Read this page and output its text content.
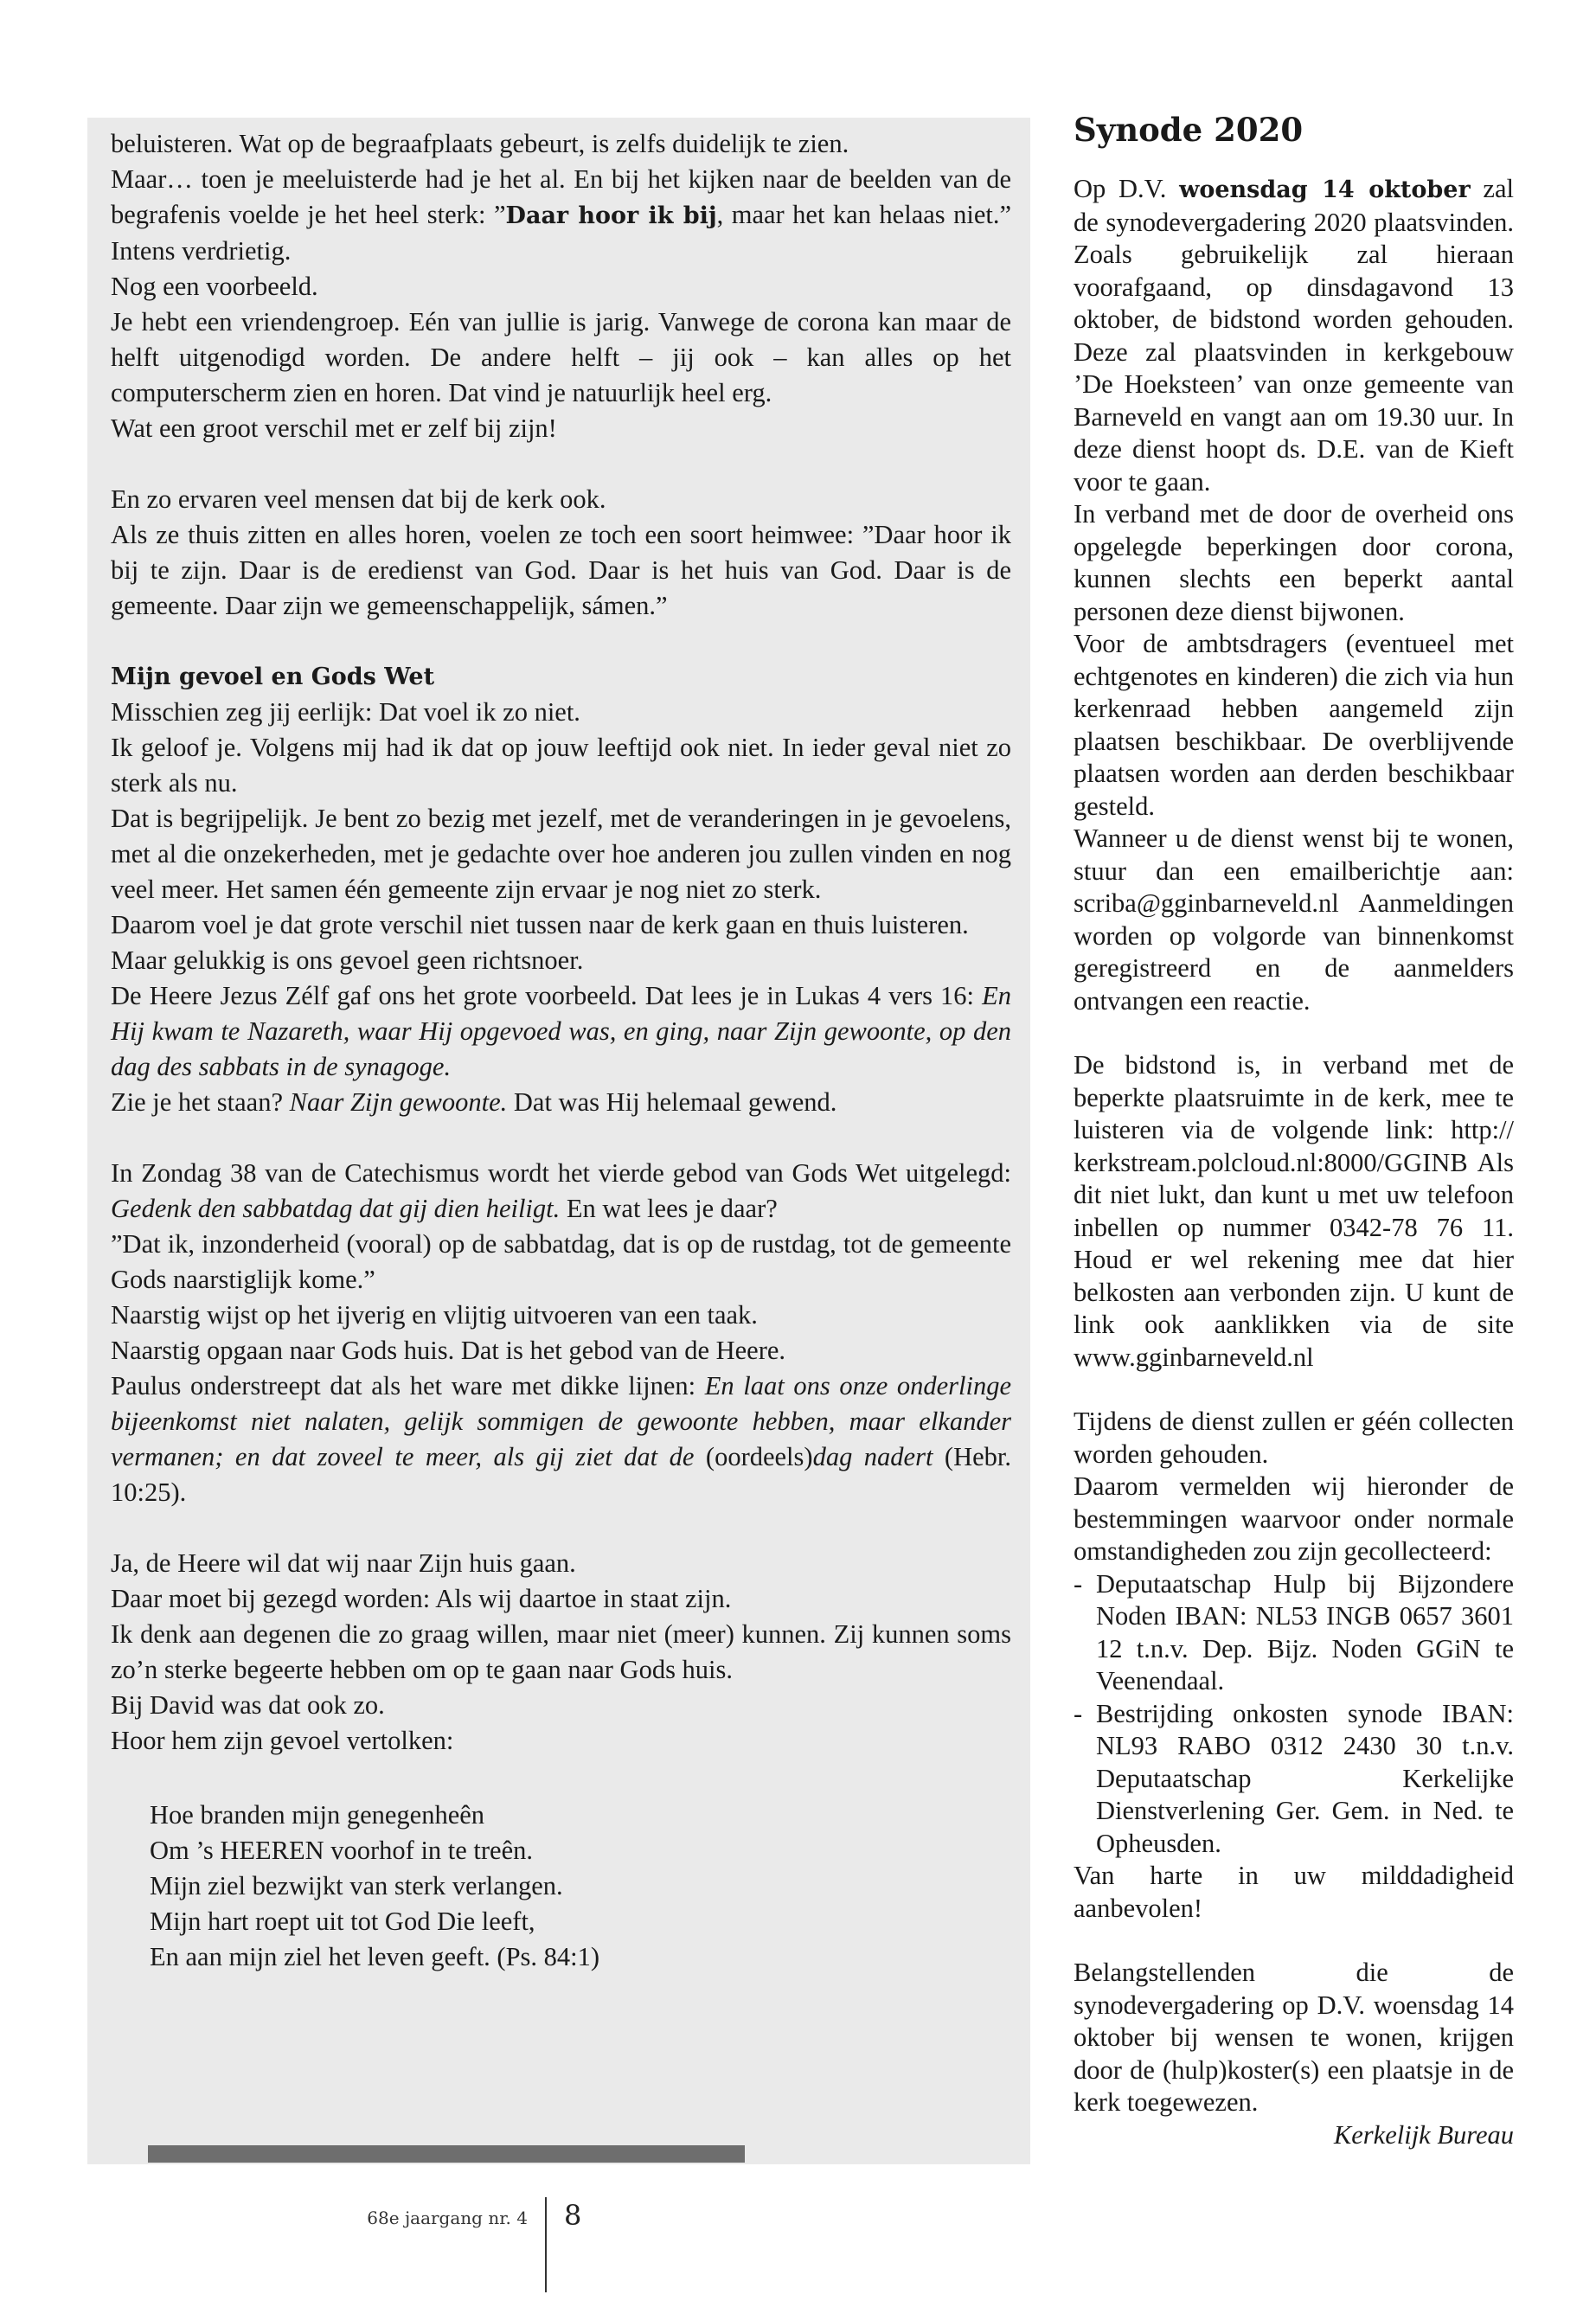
beluisteren. Wat op de begraafplaats gebeurt, is zelfs duidelijk te zien.
Maar… toen je meeluisterde had je het al. En bij het kijken naar de beelden van de begrafenis voelde je het heel sterk: ”Daar hoor ik bij, maar het kan helaas niet.” Intens verdrietig.

Nog een voorbeeld.
Je hebt een vriendengroep. Eén van jullie is jarig. Vanwege de corona kan maar de helft uitgenodigd worden. De andere helft – jij ook – kan alles op het computerscherm zien en horen. Dat vind je natuurlijk heel erg.
Wat een groot verschil met er zelf bij zijn!

En zo ervaren veel mensen dat bij de kerk ook.
Als ze thuis zitten en alles horen, voelen ze toch een soort heimwee: ”Daar hoor ik bij te zijn. Daar is de eredienst van God. Daar is het huis van God. Daar is de gemeente. Daar zijn we gemeenschappelijk, sámen.”

Mijn gevoel en Gods Wet

Misschien zeg jij eerlijk: Dat voel ik zo niet.
Ik geloof je. Volgens mij had ik dat op jouw leeftijd ook niet. In ieder geval niet zo sterk als nu.
Dat is begrijpelijk. Je bent zo bezig met jezelf, met de veranderingen in je gevoelens, met al die onzekerheden, met je gedachte over hoe anderen jou zullen vinden en nog veel meer. Het samen één gemeente zijn ervaar je nog niet zo sterk.
Daarom voel je dat grote verschil niet tussen naar de kerk gaan en thuis luisteren.
Maar gelukkig is ons gevoel geen richtsnoer.

De Heere Jezus Zélf gaf ons het grote voorbeeld. Dat lees je in Lukas 4 vers 16: En Hij kwam te Nazareth, waar Hij opgevoed was, en ging, naar Zijn gewoonte, op den dag des sabbats in de synagoge.

Zie je het staan? Naar Zijn gewoonte. Dat was Hij helemaal gewend.

In Zondag 38 van de Catechismus wordt het vierde gebod van Gods Wet uitgelegd: Gedenk den sabbatdag dat gij dien heiligt. En wat lees je daar?
”Dat ik, inzonderheid (vooral) op de sabbatdag, dat is op de rustdag, tot de gemeente Gods naarstiglijk kome.”
Naarstig wijst op het ijverig en vlijtig uitvoeren van een taak.
Naarstig opgaan naar Gods huis. Dat is het gebod van de Heere.
Paulus onderstreept dat als het ware met dikke lijnen: En laat ons onze onderlinge bijeenkomst niet nalaten, gelijk sommigen de gewoonte hebben, maar elkander vermanen; en dat zoveel te meer, als gij ziet dat de (oordeels)dag nadert (Hebr. 10:25).

Ja, de Heere wil dat wij naar Zijn huis gaan.
Daar moet bij gezegd worden: Als wij daartoe in staat zijn.
Ik denk aan degenen die zo graag willen, maar niet (meer) kunnen. Zij kunnen soms zo’n sterke begeerte hebben om op te gaan naar Gods huis.
Bij David was dat ook zo.
Hoor hem zijn gevoel vertolken:

Hoe branden mijn genegenheên
Om ’s HEEREN voorhof in te treên.
Mijn ziel bezwijkt van sterk verlangen.
Mijn hart roept uit tot God Die leeft,
En aan mijn ziel het leven geeft. (Ps. 84:1)
Synode 2020

Op D.V. woensdag 14 oktober zal de synodevergadering 2020 plaatsvinden. Zoals gebruikelijk zal hieraan voorafgaand, op dinsdagavond 13 oktober, de bidstond worden gehouden. Deze zal plaatsvinden in kerkgebouw ’De Hoeksteen’ van onze gemeente van Barneveld en vangt aan om 19.30 uur. In deze dienst hoopt ds. D.E. van de Kieft voor te gaan.

In verband met de door de overheid ons opgelegde beperkingen door corona, kunnen slechts een beperkt aantal personen deze dienst bijwonen.
Voor de ambtsdragers (eventueel met echtgenotes en kinderen) die zich via hun kerkenraad hebben aangemeld zijn plaatsen beschikbaar. De overblijvende plaatsen worden aan derden beschikbaar gesteld.
Wanneer u de dienst wenst bij te wonen, stuur dan een emailberichtje aan: scriba@gginbarneveld.nl Aanmeldingen worden op volgorde van binnenkomst geregistreerd en de aanmelders ontvangen een reactie.

De bidstond is, in verband met de beperkte plaatsruimte in de kerk, mee te luisteren via de volgende link: http:// kerkstream.polcloud.nl:8000/GGINB Als dit niet lukt, dan kunt u met uw telefoon inbellen op nummer 0342-78 76 11. Houd er wel rekening mee dat hier belkosten aan verbonden zijn. U kunt de link ook aanklikken via de site www.gginbarneveld.nl

Tijdens de dienst zullen er géén collecten worden gehouden.
Daarom vermelden wij hieronder de bestemmingen waarvoor onder normale omstandigheden zou zijn gecollecteerd:

- Deputaatschap Hulp bij Bijzondere Noden IBAN: NL53 INGB 0657 3601 12 t.n.v. Dep. Bijz. Noden GGiN te Veenendaal.
- Bestrijding onkosten synode IBAN: NL93 RABO 0312 2430 30 t.n.v. Deputaatschap Kerkelijke Dienstverlening Ger. Gem. in Ned. te Opheusden.

Van harte in uw milddadigheid aanbevolen!

Belangstellenden die de synodevergadering op D.V. woensdag 14 oktober bij wensen te wonen, krijgen door de (hulp)koster(s) een plaatsje in de kerk toegewezen.

Kerkelijk Bureau

68e jaargang nr. 4 8
